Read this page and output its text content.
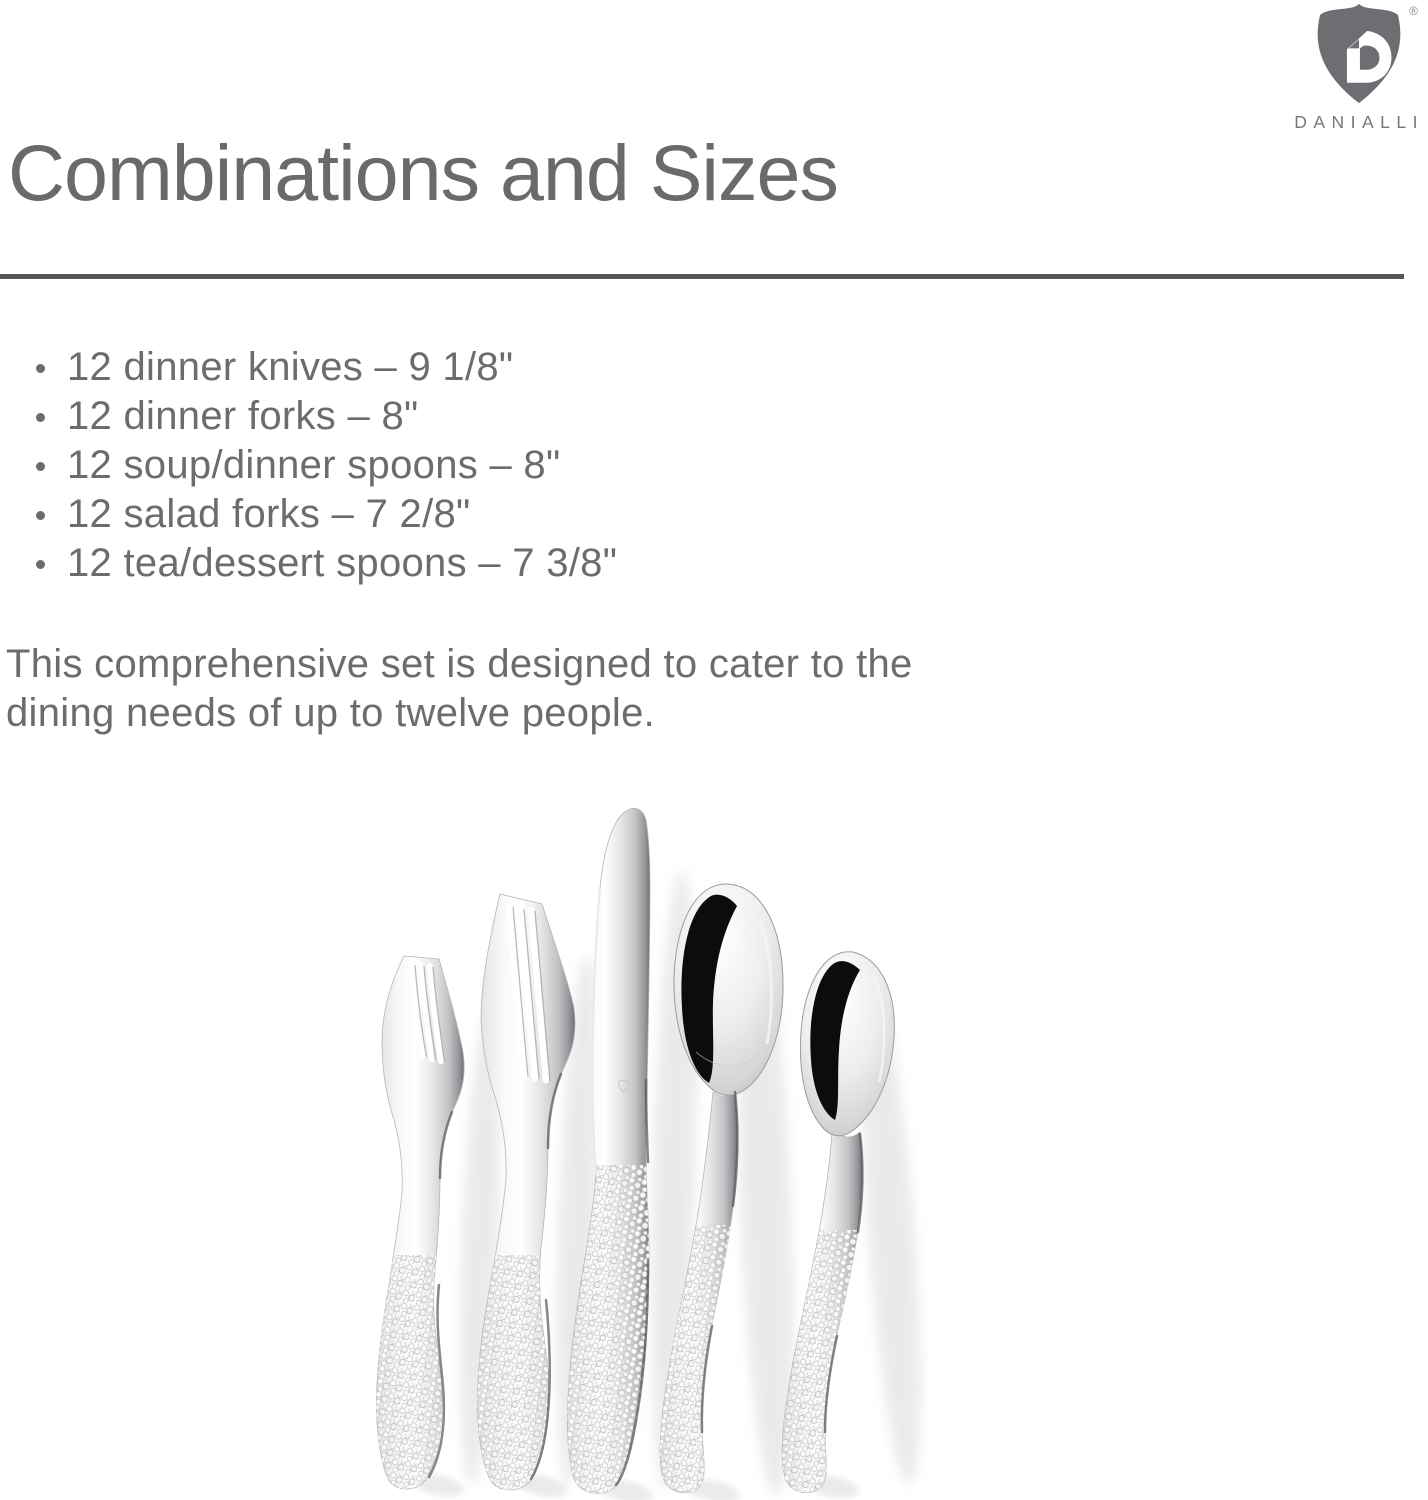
®
DANIALLI
Combinations and Sizes
12 dinner knives – 9 1/8"
12 dinner forks – 8"
12 soup/dinner spoons – 8"
12 salad forks – 7 2/8"
12 tea/dessert spoons – 7 3/8"

This comprehensive set is designed to cater to the
dining needs of up to twelve people.
